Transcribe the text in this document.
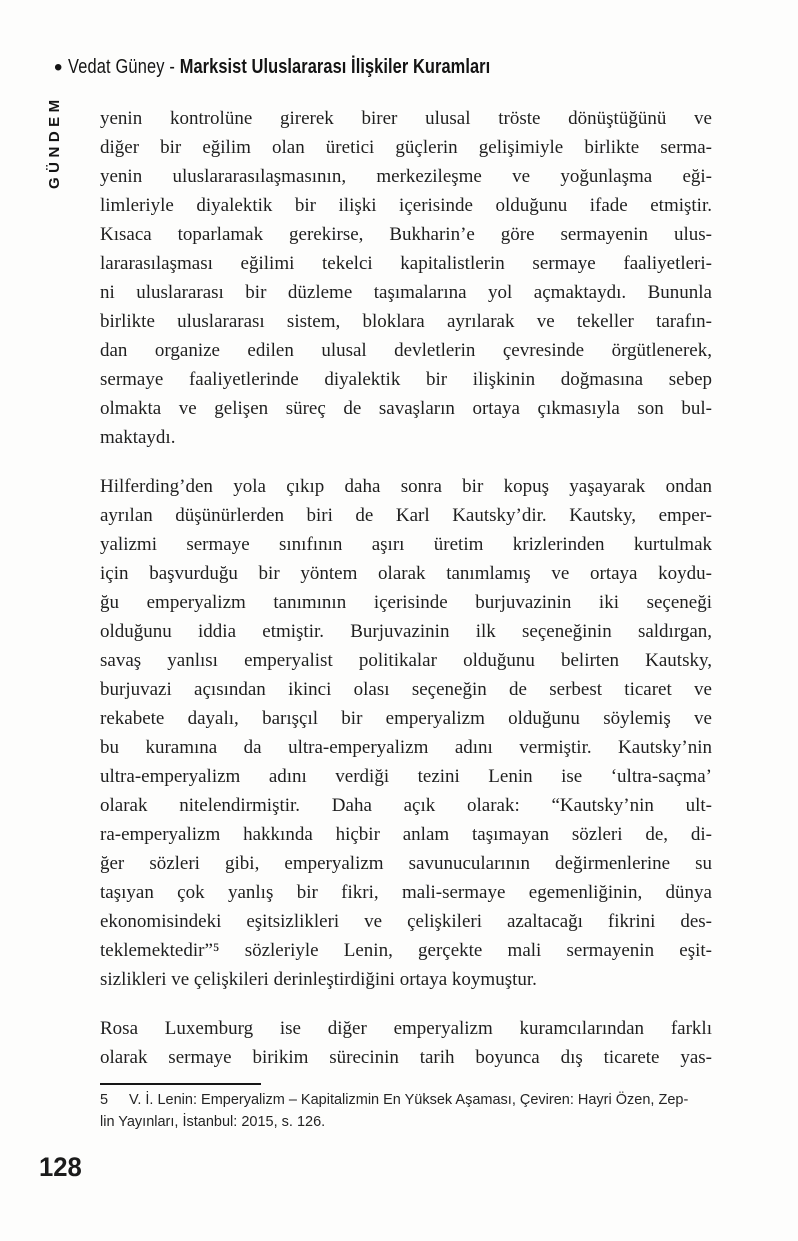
• Vedat Güney - Marksist Uluslararası İlişkiler Kuramları
GÜNDEM yenin kontrolüne girerek birer ulusal tröste dönüştüğünü ve
diğer bir eğilim olan üretici güçlerin gelişimiyle birlikte serma-
yenin uluslararasılaşmasının, merkezileşme ve yoğunlaşma eği-
limleriyle diyalektik bir ilişki içerisinde olduğunu ifade etmiştir.
Kısaca toparlamak gerekirse, Bukharin’e göre sermayenin ulus-
lararasılaşması eğilimi tekelci kapitalistlerin sermaye faaliyetleri-
ni uluslararası bir düzleme taşımalarına yol açmaktaydı. Bununla
birlikte uluslararası sistem, bloklara ayrılarak ve tekeller tarafın-
dan organize edilen ulusal devletlerin çevresinde örgütlenerek,
sermaye faaliyetlerinde diyalektik bir ilişkinin doğmasına sebep
olmakta ve gelişen süreç de savaşların ortaya çıkmasıyla son bul-
maktaydı.
Hilferding’den yola çıkıp daha sonra bir kopuş yaşayarak ondan
ayrılan düşünürlerden biri de Karl Kautsky’dir. Kautsky, emper-
yalizmi sermaye sınıfının aşırı üretim krizlerinden kurtulmak
için başvurduğu bir yöntem olarak tanımlamış ve ortaya koydu-
ğu emperyalizm tanımının içerisinde burjuvazinin iki seçeneği
olduğunu iddia etmiştir. Burjuvazinin ilk seçeneğinin saldırgan,
savaş yanlısı emperyalist politikalar olduğunu belirten Kautsky,
burjuvazi açısından ikinci olası seçeneğin de serbest ticaret ve
rekabete dayalı, barışçıl bir emperyalizm olduğunu söylemiş ve
bu kuramına da ultra-emperyalizm adını vermiştir. Kautsky’nin
ultra-emperyalizm adını verdiği tezini Lenin ise ‘ultra-saçma’
olarak nitelendirmiştir. Daha açık olarak: “Kautsky’nin ult-
ra-emperyalizm hakkında hiçbir anlam taşımayan sözleri de, di-
ğer sözleri gibi, emperyalizm savunucularının değirmenlerine su
taşıyan çok yanlış bir fikri, mali-sermaye egemenliğinin, dünya
ekonomisindeki eşitsizlikleri ve çelişkileri azaltacağı fikrini des-
teklemektedir”⁵ sözleriyle Lenin, gerçekte mali sermayenin eşit-
sizlikleri ve çelişkileri derinleştirdiğini ortaya koymuştur.
Rosa Luxemburg ise diğer emperyalizm kuramcılarından farklı
olarak sermaye birikim sürecinin tarih boyunca dış ticarete yas-
5 V. İ. Lenin: Emperyalizm – Kapitalizmin En Yüksek Aşaması, Çeviren: Hayri Özen, Zep-
lin Yayınları, İstanbul: 2015, s. 126.
128
